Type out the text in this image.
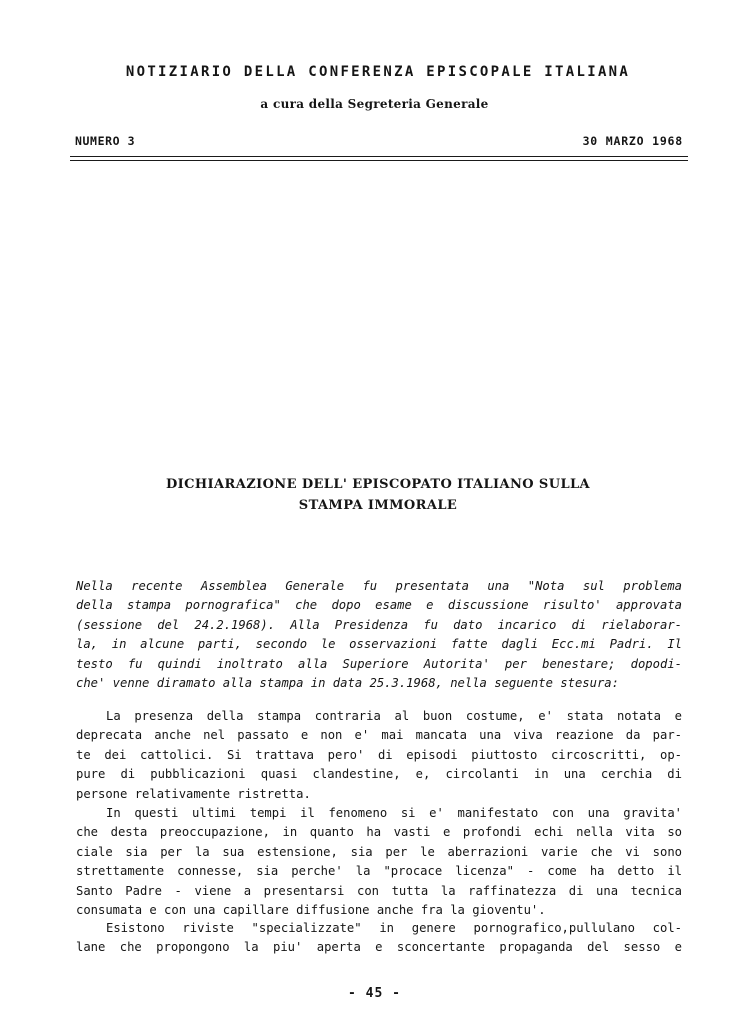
NOTIZIARIO DELLA CONFERENZA EPISCOPALE ITALIANA
a cura della Segreteria Generale
NUMERO 3	30 MARZO 1968
DICHIARAZIONE DELL' EPISCOPATO ITALIANO SULLA
STAMPA IMMORALE
Nella recente Assemblea Generale fu presentata una "Nota sul problema
della stampa pornografica" che dopo esame e discussione risulto' approvata
(sessione del 24.2.1968). Alla Presidenza fu dato incarico di rielaborar-
la, in alcune parti, secondo le osservazioni fatte dagli Ecc.mi Padri. Il
testo fu quindi inoltrato alla Superiore Autorita' per benestare; dopodi-
che' venne diramato alla stampa in data 25.3.1968, nella seguente stesura:
La presenza della stampa contraria al buon costume, e' stata notata e
deprecata anche nel passato e non e' mai mancata una viva reazione da par-
te dei cattolici. Si trattava pero' di episodi piuttosto circoscritti, op-
pure di pubblicazioni quasi clandestine, e, circolanti in una cerchia di
persone relativamente ristretta.
In questi ultimi tempi il fenomeno si e' manifestato con una gravita'
che desta preoccupazione, in quanto ha vasti e profondi echi nella vita so
ciale sia per la sua estensione, sia per le aberrazioni varie che vi sono
strettamente connesse, sia perche' la "procace licenza" - come ha detto il
Santo Padre - viene a presentarsi con tutta la raffinatezza di una tecnica
consumata e con una capillare diffusione anche fra la gioventu'.
Esistono riviste "specializzate" in genere pornografico,pullulano col-
lane che propongono la piu' aperta e sconcertante propaganda del sesso e
- 45 -
